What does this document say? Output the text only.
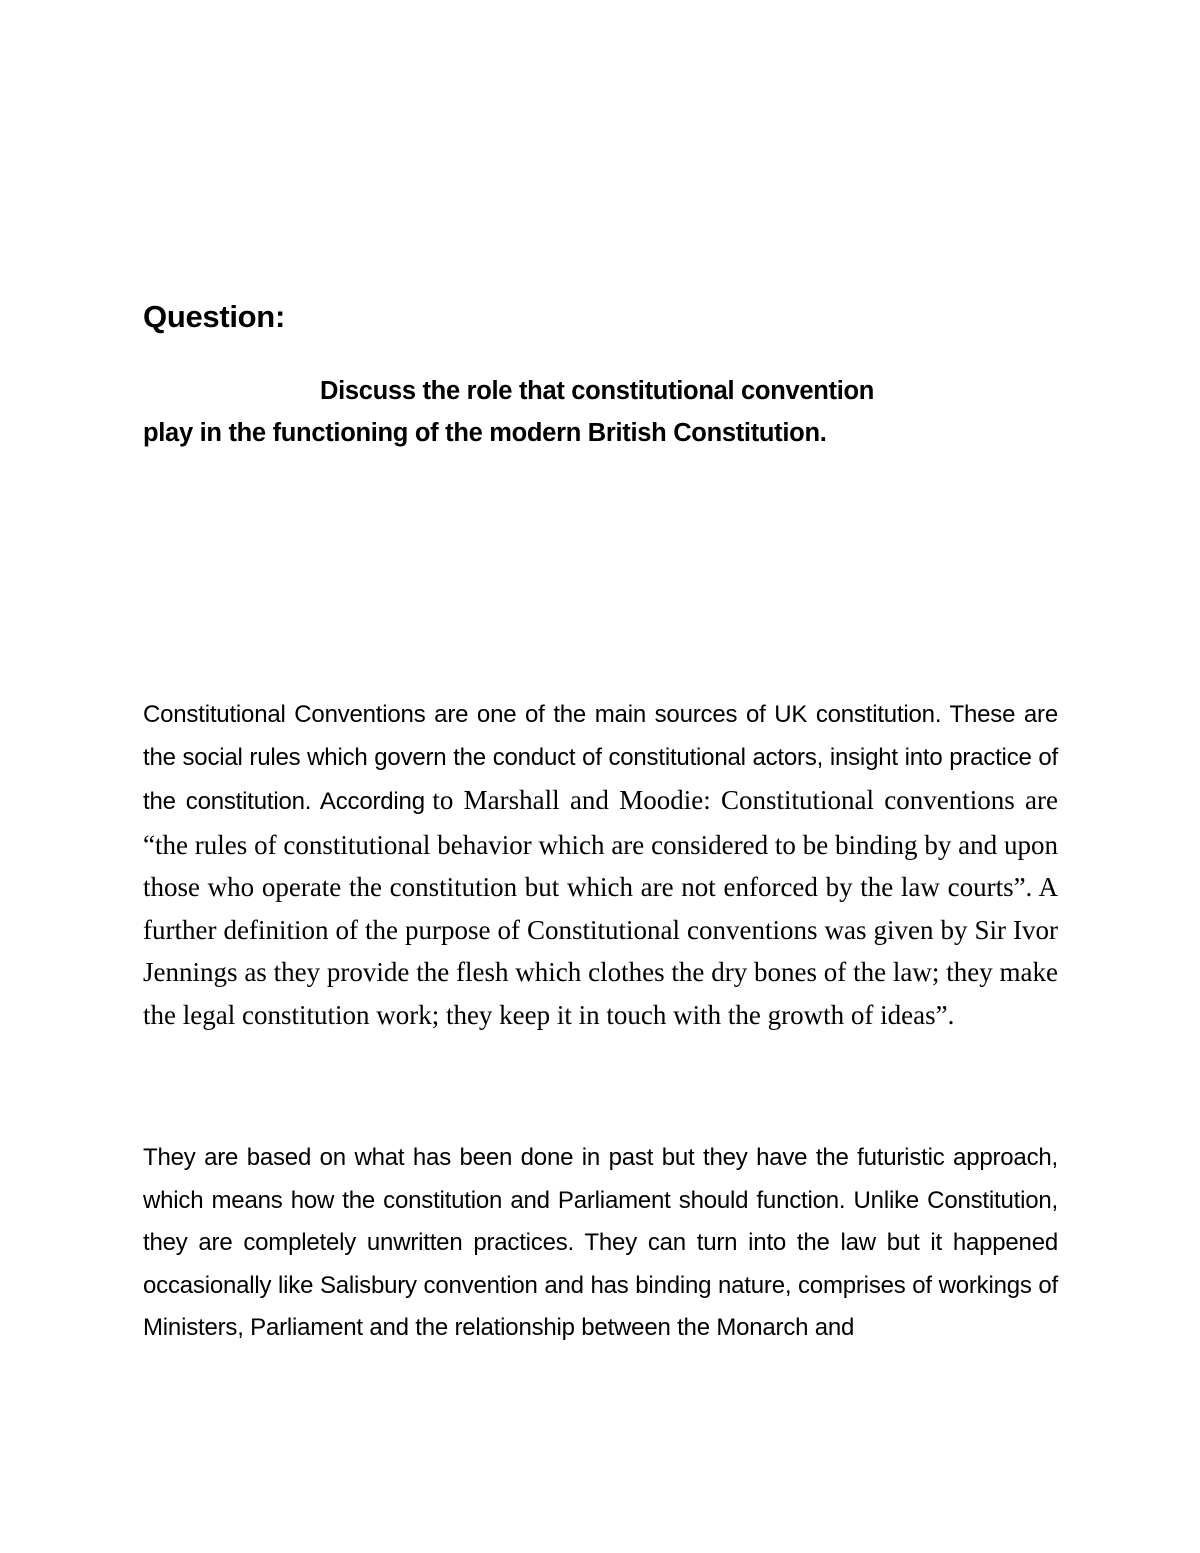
Question:

Discuss the role that constitutional convention
play in the functioning of the modern British Constitution.

Constitutional Conventions are one of the main sources of UK constitution. These are the social rules which govern the conduct of constitutional actors, insight into practice of the constitution. According to Marshall and Moodie: Constitutional conventions are “the rules of constitutional behavior which are considered to be binding by and upon those who operate the constitution but which are not enforced by the law courts”. A further definition of the purpose of Constitutional conventions was given by Sir Ivor Jennings as they provide the flesh which clothes the dry bones of the law; they make the legal constitution work; they keep it in touch with the growth of ideas”.

They are based on what has been done in past but they have the futuristic approach, which means how the constitution and Parliament should function. Unlike Constitution, they are completely unwritten practices. They can turn into the law but it happened occasionally like Salisbury convention and has binding nature, comprises of workings of Ministers, Parliament and the relationship between the Monarch and
